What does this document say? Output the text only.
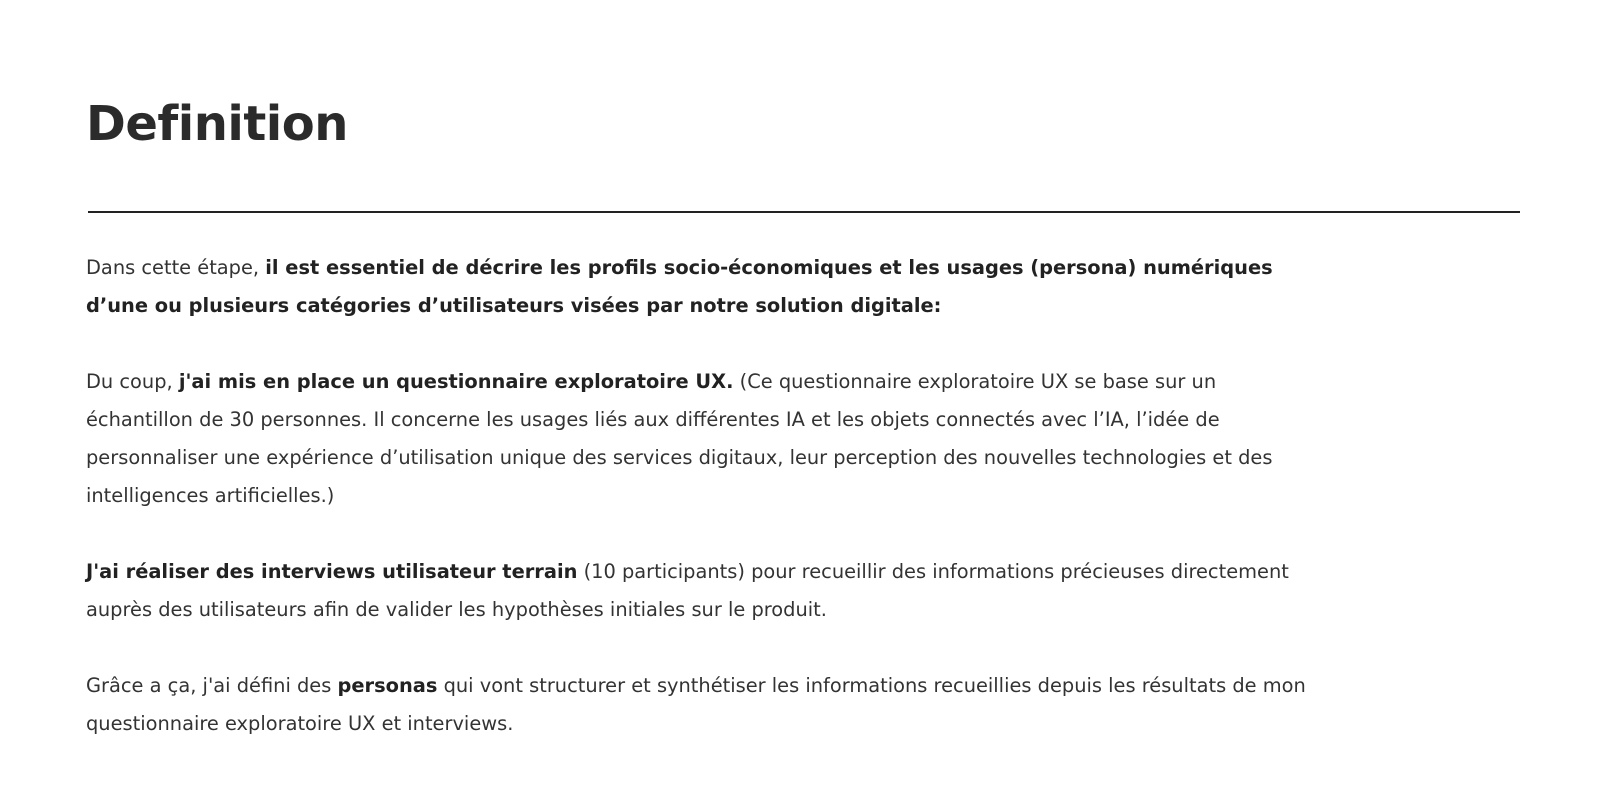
Definition

Dans cette étape, il est essentiel de décrire les profils socio-économiques et les usages (persona) numériques d’une ou plusieurs catégories d’utilisateurs visées par notre solution digitale:

Du coup, j'ai mis en place un questionnaire exploratoire UX. (Ce questionnaire exploratoire UX se base sur un échantillon de 30 personnes. Il concerne les usages liés aux différentes IA et les objets connectés avec l’IA, l’idée de personnaliser une expérience d’utilisation unique des services digitaux, leur perception des nouvelles technologies et des intelligences artificielles.)

J'ai réaliser des interviews utilisateur terrain (10 participants) pour recueillir des informations précieuses directement auprès des utilisateurs afin de valider les hypothèses initiales sur le produit.

Grâce a ça, j'ai défini des personas qui vont structurer et synthétiser les informations recueillies depuis les résultats de mon questionnaire exploratoire UX et interviews.
